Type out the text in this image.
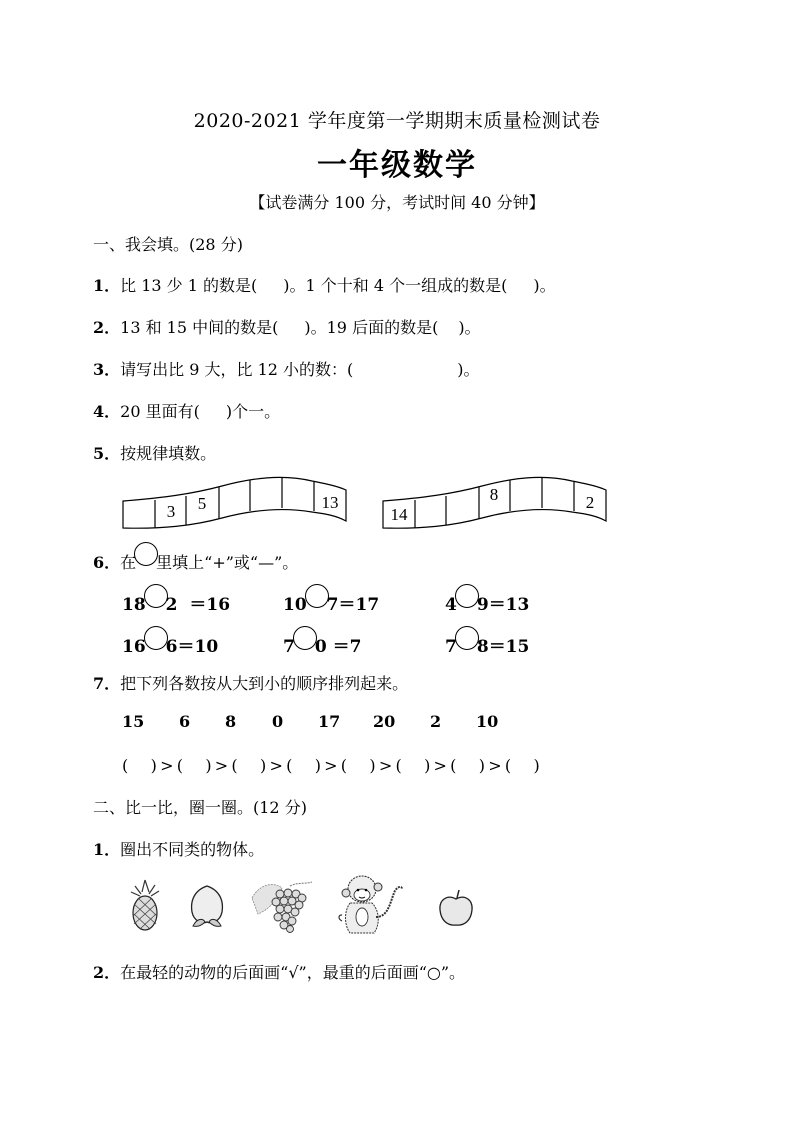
2020-2021 学年度第一学期期末质量检测试卷
一年级数学
【试卷满分 100 分，考试时间 40 分钟】
一、我会填。(28 分)
1．比 13 少 1 的数是( )。1 个十和 4 个一组成的数是( )。
2．13 和 15 中间的数是( )。19 后面的数是( )。
3．请写出比 9 大，比 12 小的数：(	)。
4．20 里面有( )个一。
5．按规律填数。
3 5	13
14
8	2
6．在 里填上“+”或“—”。
18 2 ＝16	10 7＝17	4 9＝13
16 6＝10	7 0 ＝7	7 8＝15
7．把下列各数按从大到小的顺序排列起来。
15 6 8 0 17 20 2 10
(　)>(　)>(　)>(　)>(　)>(　)>(　)>(　)
二、比一比，圈一圈。(12 分)
1．圈出不同类的物体。
2．在最轻的动物的后面画“√”，最重的后面画“○”。
